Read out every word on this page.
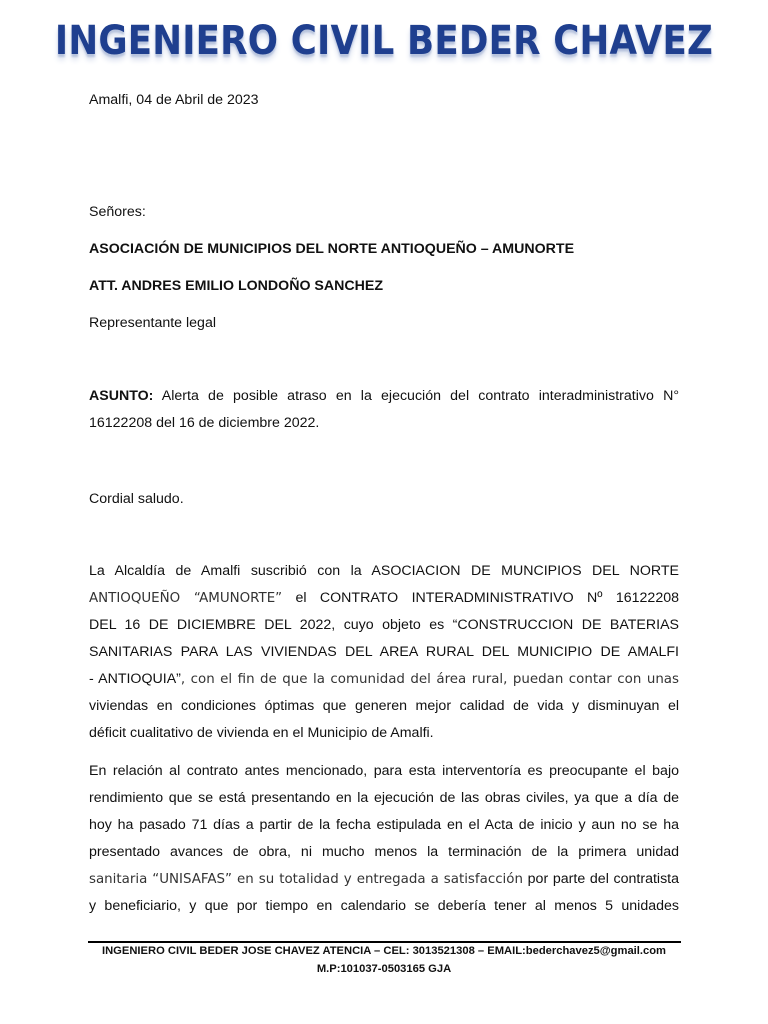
INGENIERO CIVIL BEDER CHAVEZ
Amalfi, 04 de Abril de 2023
Señores:
ASOCIACIÓN DE MUNICIPIOS DEL NORTE ANTIOQUEÑO – AMUNORTE
ATT. ANDRES EMILIO LONDOÑO SANCHEZ
Representante legal
ASUNTO: Alerta de posible atraso en la ejecución del contrato interadministrativo N°
16122208 del 16 de diciembre 2022.
Cordial saludo.
La Alcaldía de Amalfi suscribió con la ASOCIACION DE MUNCIPIOS DEL NORTE
ANTIOQUEÑO “AMUNORTE” el CONTRATO INTERADMINISTRATIVO Nº 16122208
DEL 16 DE DICIEMBRE DEL 2022, cuyo objeto es “CONSTRUCCION DE BATERIAS
SANITARIAS PARA LAS VIVIENDAS DEL AREA RURAL DEL MUNICIPIO DE AMALFI
- ANTIOQUIA”, con el fin de que la comunidad del área rural, puedan contar con unas
viviendas en condiciones óptimas que generen mejor calidad de vida y disminuyan el
déficit cualitativo de vivienda en el Municipio de Amalfi.
En relación al contrato antes mencionado, para esta interventoría es preocupante el bajo
rendimiento que se está presentando en la ejecución de las obras civiles, ya que a día de
hoy ha pasado 71 días a partir de la fecha estipulada en el Acta de inicio y aun no se ha
presentado avances de obra, ni mucho menos la terminación de la primera unidad
sanitaria “UNISAFAS” en su totalidad y entregada a satisfacción por parte del contratista
y beneficiario, y que por tiempo en calendario se debería tener al menos 5 unidades
INGENIERO CIVIL BEDER JOSE CHAVEZ ATENCIA – CEL: 3013521308 – EMAIL:bederchavez5@gmail.com
M.P:101037-0503165 GJA
